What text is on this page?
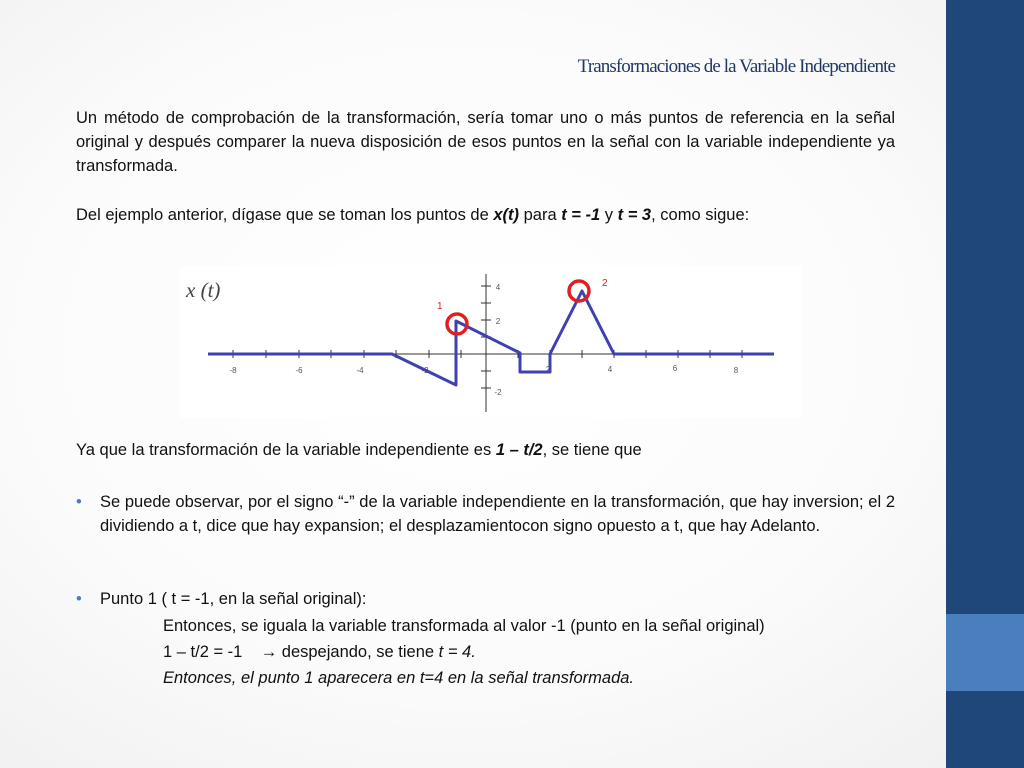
Transformaciones de la Variable Independiente
Un método de comprobación de la transformación, sería tomar uno o más puntos de referencia en la señal original y después comparer la nueva disposición de esos puntos en la señal con la variable independiente ya transformada.
Del ejemplo anterior, dígase que se toman los puntos de x(t) para t = -1 y t = 3, como sigue:
-8	-6	-4	-2	2	4	6	8
4
2
-2
x (t)
1
2
Ya que la transformación de la variable independiente es 1 – t/2, se tiene que
• Se puede observar, por el signo “-” de la variable independiente en la transformación, que hay inversion; el 2 dividiendo a t, dice que hay expansion; el desplazamientocon signo opuesto a t, que hay Adelanto.
• Punto 1 ( t = -1, en la señal original):
Entonces, se iguala la variable transformada al valor -1 (punto en la señal original)
1 – t/2 = -1    → despejando, se tiene t = 4.
Entonces, el punto 1 aparecera en t=4 en la señal transformada.
